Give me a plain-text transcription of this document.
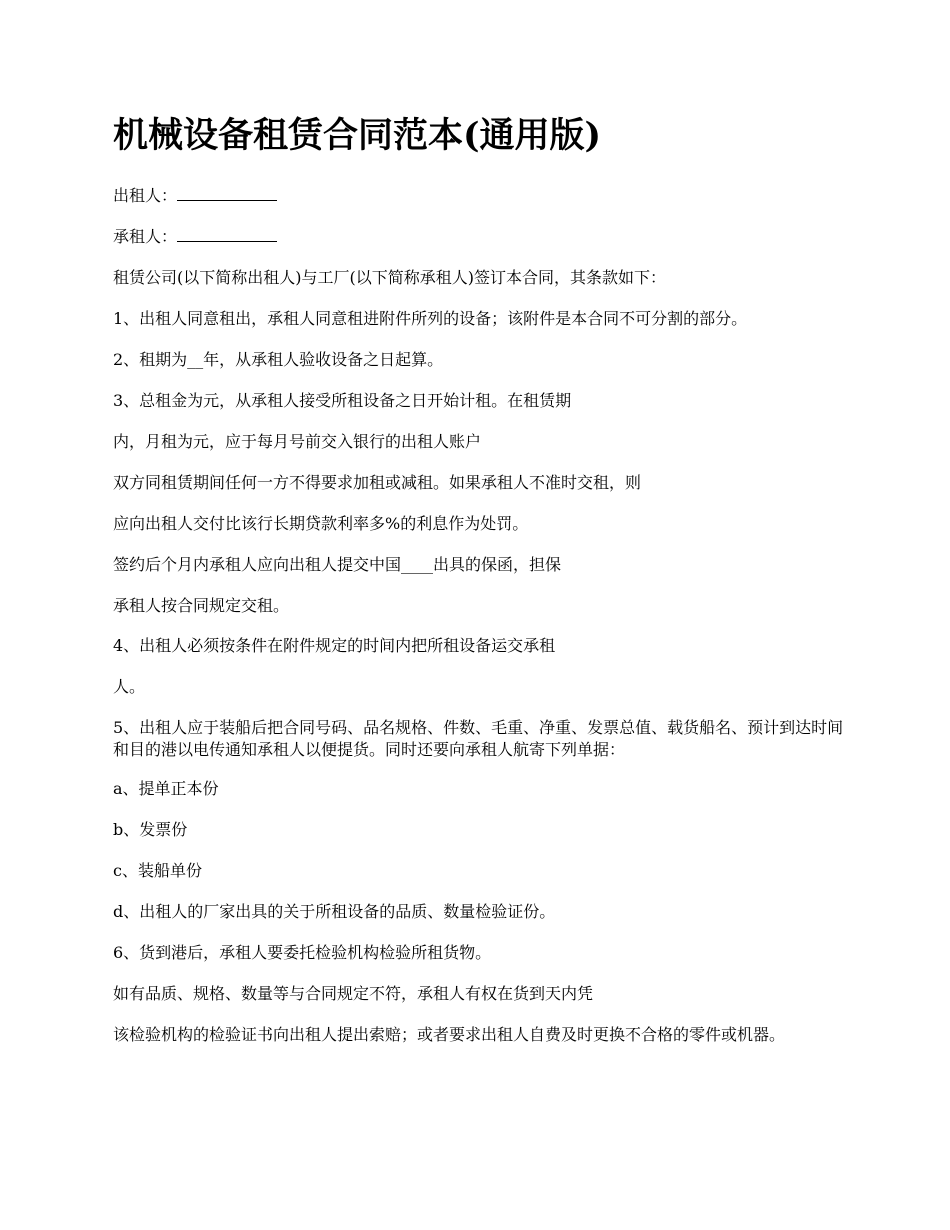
机械设备租赁合同范本(通用版)

出租人：

承租人：

租赁公司(以下简称出租人)与工厂(以下简称承租人)签订本合同，其条款如下：

1、出租人同意租出，承租人同意租进附件所列的设备；该附件是本合同不可分割的部分。

2、租期为__年，从承租人验收设备之日起算。

3、总租金为元，从承租人接受所租设备之日开始计租。在租赁期

内，月租为元，应于每月号前交入银行的出租人账户

双方同租赁期间任何一方不得要求加租或减租。如果承租人不准时交租，则

应向出租人交付比该行长期贷款利率多%的利息作为处罚。

签约后个月内承租人应向出租人提交中国____出具的保函，担保

承租人按合同规定交租。

4、出租人必须按条件在附件规定的时间内把所租设备运交承租

人。

5、出租人应于装船后把合同号码、品名规格、件数、毛重、净重、发票总值、载货船名、预计到达时间和目的港以电传通知承租人以便提货。同时还要向承租人航寄下列单据：

a、提单正本份

b、发票份

c、装船单份

d、出租人的厂家出具的关于所租设备的品质、数量检验证份。

6、货到港后，承租人要委托检验机构检验所租货物。

如有品质、规格、数量等与合同规定不符，承租人有权在货到天内凭

该检验机构的检验证书向出租人提出索赔；或者要求出租人自费及时更换不合格的零件或机器。
